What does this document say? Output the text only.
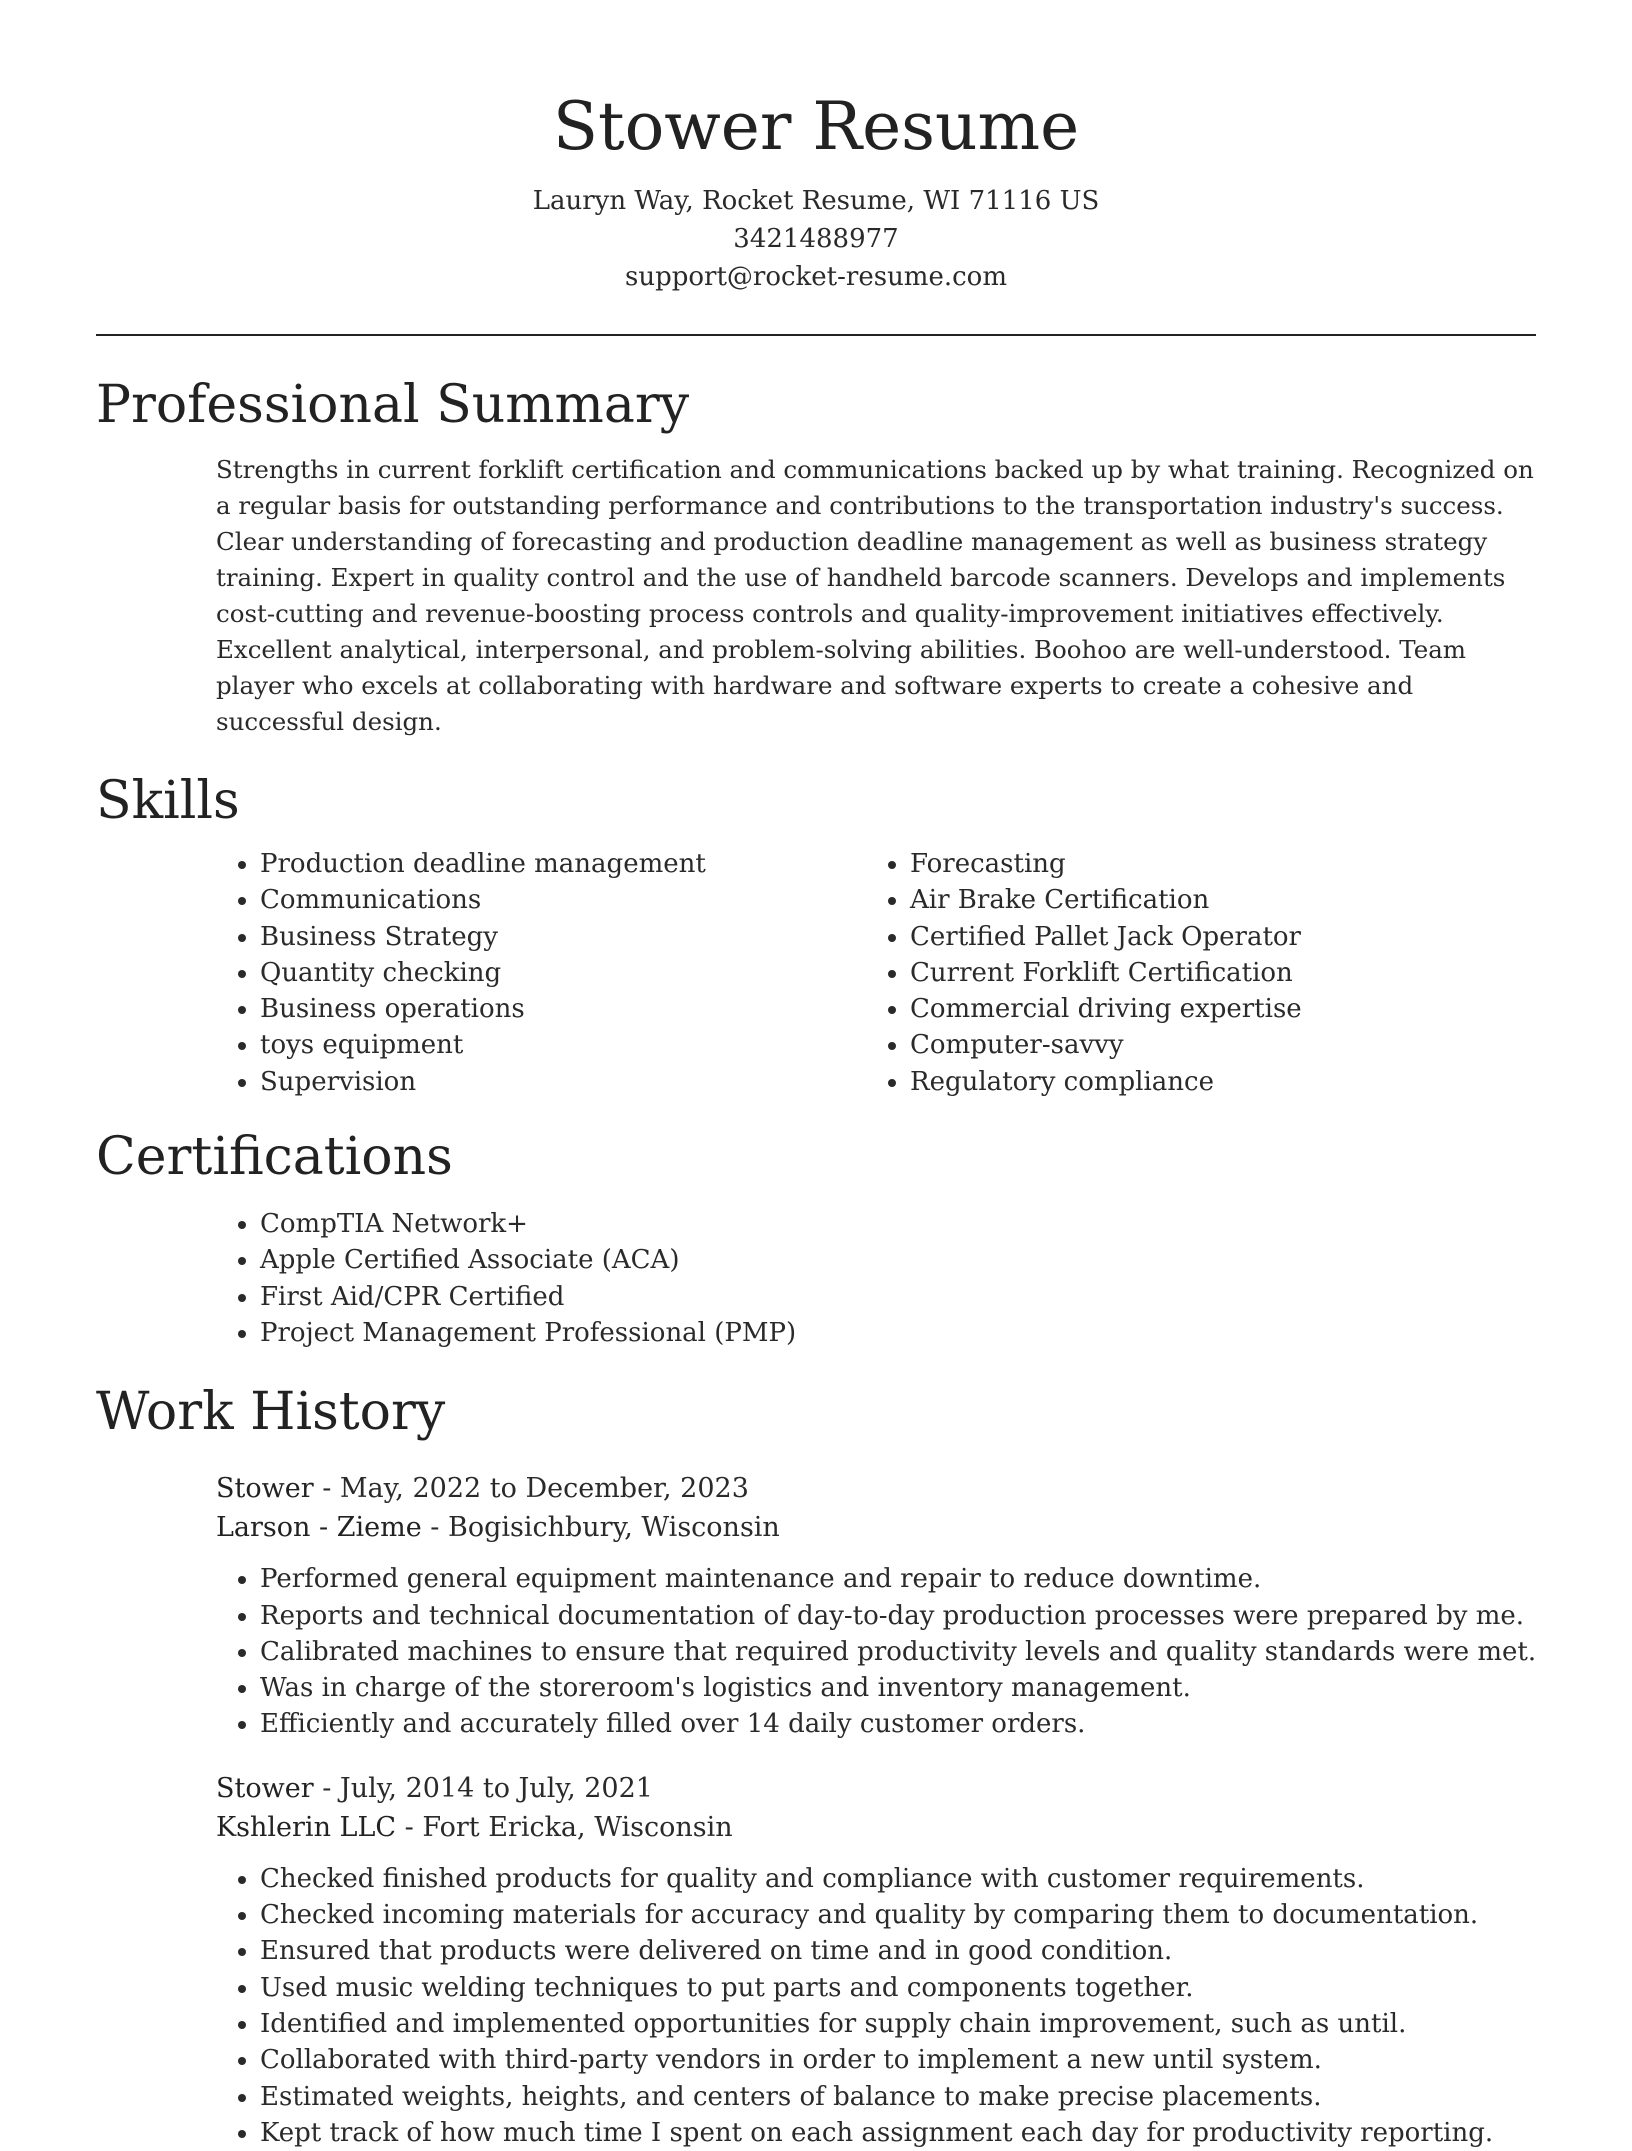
Stower Resume

Lauryn Way, Rocket Resume, WI 71116 US

3421488977

support@rocket-resume.com

Professional Summary

Strengths in current forklift certification and communications backed up by what training. Recognized on a regular basis for outstanding performance and contributions to the transportation industry's success. Clear understanding of forecasting and production deadline management as well as business strategy training. Expert in quality control and the use of handheld barcode scanners. Develops and implements cost-cutting and revenue-boosting process controls and quality-improvement initiatives effectively. Excellent analytical, interpersonal, and problem-solving abilities. Boohoo are well-understood. Team player who excels at collaborating with hardware and software experts to create a cohesive and successful design.

Skills
• Production deadline management
• Communications
• Business Strategy
• Quantity checking
• Business operations
• toys equipment
• Supervision
• Forecasting
• Air Brake Certification
• Certified Pallet Jack Operator
• Current Forklift Certification
• Commercial driving expertise
• Computer-savvy
• Regulatory compliance
Certifications
• CompTIA Network+
• Apple Certified Associate (ACA)
• First Aid/CPR Certified
• Project Management Professional (PMP)
Work History

Stower - May, 2022 to December, 2023

Larson - Zieme - Bogisichbury, Wisconsin

• Performed general equipment maintenance and repair to reduce downtime.
• Reports and technical documentation of day-to-day production processes were prepared by me.
• Calibrated machines to ensure that required productivity levels and quality standards were met.
• Was in charge of the storeroom's logistics and inventory management.
• Efficiently and accurately filled over 14 daily customer orders.

Stower - July, 2014 to July, 2021

Kshlerin LLC - Fort Ericka, Wisconsin

• Checked finished products for quality and compliance with customer requirements.
• Checked incoming materials for accuracy and quality by comparing them to documentation.
• Ensured that products were delivered on time and in good condition.
• Used music welding techniques to put parts and components together.
• Identified and implemented opportunities for supply chain improvement, such as until.
• Collaborated with third-party vendors in order to implement a new until system.
• Estimated weights, heights, and centers of balance to make precise placements.
• Kept track of how much time I spent on each assignment each day for productivity reporting.
